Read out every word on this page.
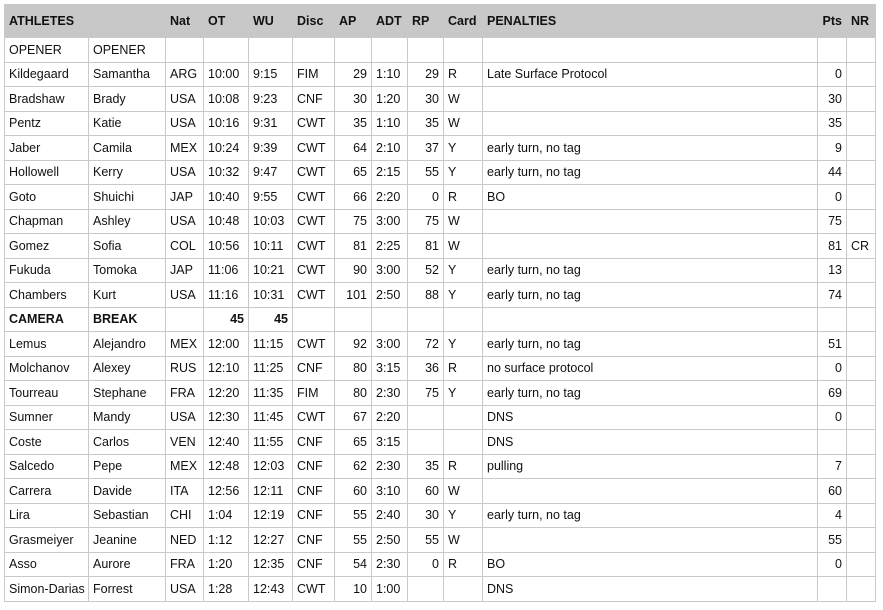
ATHLETES		Nat	OT	WU	Disc	AP	ADT	RP	Card	PENALTIES	Pts	NR
OPENER	OPENER											
Kildegaard	Samantha	ARG	10:00	9:15	FIM	29	1:10	29	R	Late Surface Protocol	0	
Bradshaw	Brady	USA	10:08	9:23	CNF	30	1:20	30	W		30	
Pentz	Katie	USA	10:16	9:31	CWT	35	1:10	35	W		35	
Jaber	Camila	MEX	10:24	9:39	CWT	64	2:10	37	Y	early turn, no tag	9	
Hollowell	Kerry	USA	10:32	9:47	CWT	65	2:15	55	Y	early turn, no tag	44	
Goto	Shuichi	JAP	10:40	9:55	CWT	66	2:20	0	R	BO	0	
Chapman	Ashley	USA	10:48	10:03	CWT	75	3:00	75	W		75	
Gomez	Sofia	COL	10:56	10:11	CWT	81	2:25	81	W		81	CR
Fukuda	Tomoka	JAP	11:06	10:21	CWT	90	3:00	52	Y	early turn, no tag	13	
Chambers	Kurt	USA	11:16	10:31	CWT	101	2:50	88	Y	early turn, no tag	74	
CAMERA	BREAK		45	45								
Lemus	Alejandro	MEX	12:00	11:15	CWT	92	3:00	72	Y	early turn, no tag	51	
Molchanov	Alexey	RUS	12:10	11:25	CNF	80	3:15	36	R	no surface protocol	0	
Tourreau	Stephane	FRA	12:20	11:35	FIM	80	2:30	75	Y	early turn, no tag	69	
Sumner	Mandy	USA	12:30	11:45	CWT	67	2:20			DNS	0	
Coste	Carlos	VEN	12:40	11:55	CNF	65	3:15			DNS		
Salcedo	Pepe	MEX	12:48	12:03	CNF	62	2:30	35	R	pulling	7	
Carrera	Davide	ITA	12:56	12:11	CNF	60	3:10	60	W		60	
Lira	Sebastian	CHI	1:04	12:19	CNF	55	2:40	30	Y	early turn, no tag	4	
Grasmeiyer	Jeanine	NED	1:12	12:27	CNF	55	2:50	55	W		55	
Asso	Aurore	FRA	1:20	12:35	CNF	54	2:30	0	R	BO	0	
Simon-Darias	Forrest	USA	1:28	12:43	CWT	10	1:00			DNS		
